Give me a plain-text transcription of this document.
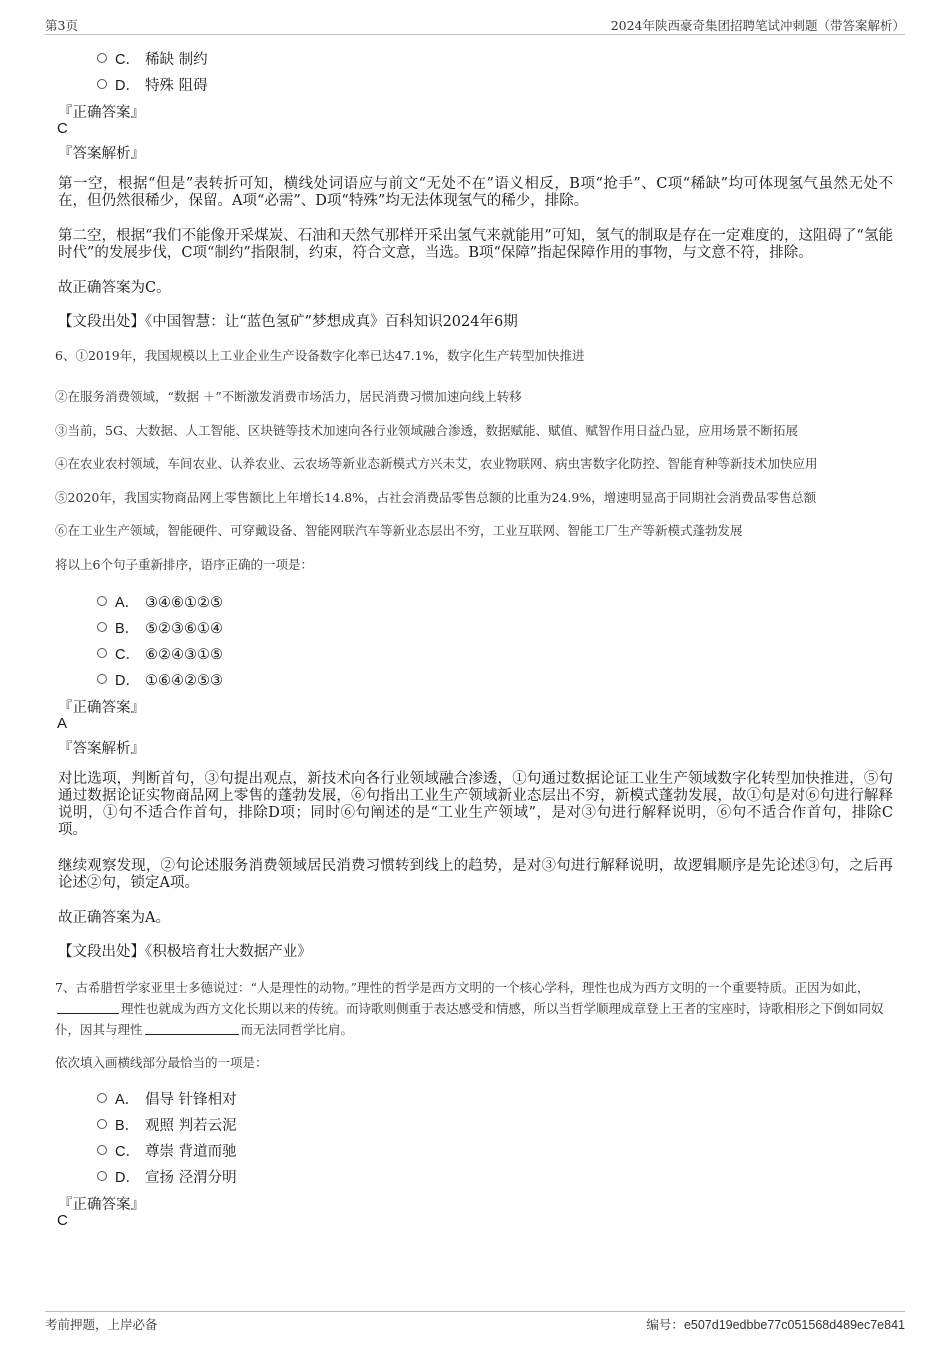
第3页	2024年陕西豪奇集团招聘笔试冲刺题（带答案解析）
C． 稀缺 制约
D． 特殊 阻碍
『正确答案』
C
『答案解析』
第一空，根据“但是”表转折可知，横线处词语应与前文“无处不在”语义相反，B项“抢手”、C项“稀缺”均可体现氢气虽然无处不在，但仍然很稀少，保留。A项“必需”、D项“特殊”均无法体现氢气的稀少，排除。
第二空，根据“我们不能像开采煤炭、石油和天然气那样开采出氢气来就能用”可知，氢气的制取是存在一定难度的，这阻碍了“氢能时代”的发展步伐，C项“制约”指限制，约束，符合文意，当选。B项“保障”指起保障作用的事物，与文意不符，排除。
故正确答案为C。
【文段出处】《中国智慧：让“蓝色氢矿”梦想成真》百科知识2024年6期
6、①2019年，我国规模以上工业企业生产设备数字化率已达47.1%，数字化生产转型加快推进
②在服务消费领域，“数据 ＋”不断激发消费市场活力，居民消费习惯加速向线上转移
③当前，5G、大数据、人工智能、区块链等技术加速向各行业领域融合渗透，数据赋能、赋值、赋智作用日益凸显，应用场景不断拓展
④在农业农村领域，车间农业、认养农业、云农场等新业态新模式方兴未艾，农业物联网、病虫害数字化防控、智能育种等新技术加快应用
⑤2020年，我国实物商品网上零售额比上年增长14.8%，占社会消费品零售总额的比重为24.9%，增速明显高于同期社会消费品零售总额
⑥在工业生产领域，智能硬件、可穿戴设备、智能网联汽车等新业态层出不穷，工业互联网、智能工厂生产等新模式蓬勃发展
将以上6个句子重新排序，语序正确的一项是：
A． ③④⑥①②⑤
B． ⑤②③⑥①④
C． ⑥②④③①⑤
D． ①⑥④②⑤③
『正确答案』
A
『答案解析』
对比选项，判断首句，③句提出观点，新技术向各行业领域融合渗透，①句通过数据论证工业生产领域数字化转型加快推进，⑤句通过数据论证实物商品网上零售的蓬勃发展，⑥句指出工业生产领域新业态层出不穷，新模式蓬勃发展，故①句是对⑥句进行解释说明，①句不适合作首句，排除D项；同时⑥句阐述的是“工业生产领域”，是对③句进行解释说明，⑥句不适合作首句，排除C项。
继续观察发现，②句论述服务消费领域居民消费习惯转到线上的趋势，是对③句进行解释说明，故逻辑顺序是先论述③句，之后再论述②句，锁定A项。
故正确答案为A。
【文段出处】《积极培育壮大数据产业》
7、古希腊哲学家亚里士多德说过：“人是理性的动物。”理性的哲学是西方文明的一个核心学科，理性也成为西方文明的一个重要特质。正因为如此，理性也就成为西方文化长期以来的传统。而诗歌则侧重于表达感受和情感，所以当哲学顺理成章登上王者的宝座时，诗歌相形之下倒如同奴仆，因其与理性	而无法同哲学比肩。
依次填入画横线部分最恰当的一项是：
A． 倡导 针锋相对
B． 观照 判若云泥
C． 尊崇 背道而驰
D． 宣扬 泾渭分明
『正确答案』
C
考前押题，上岸必备	编号：e507d19edbbe77c051568d489ec7e841
